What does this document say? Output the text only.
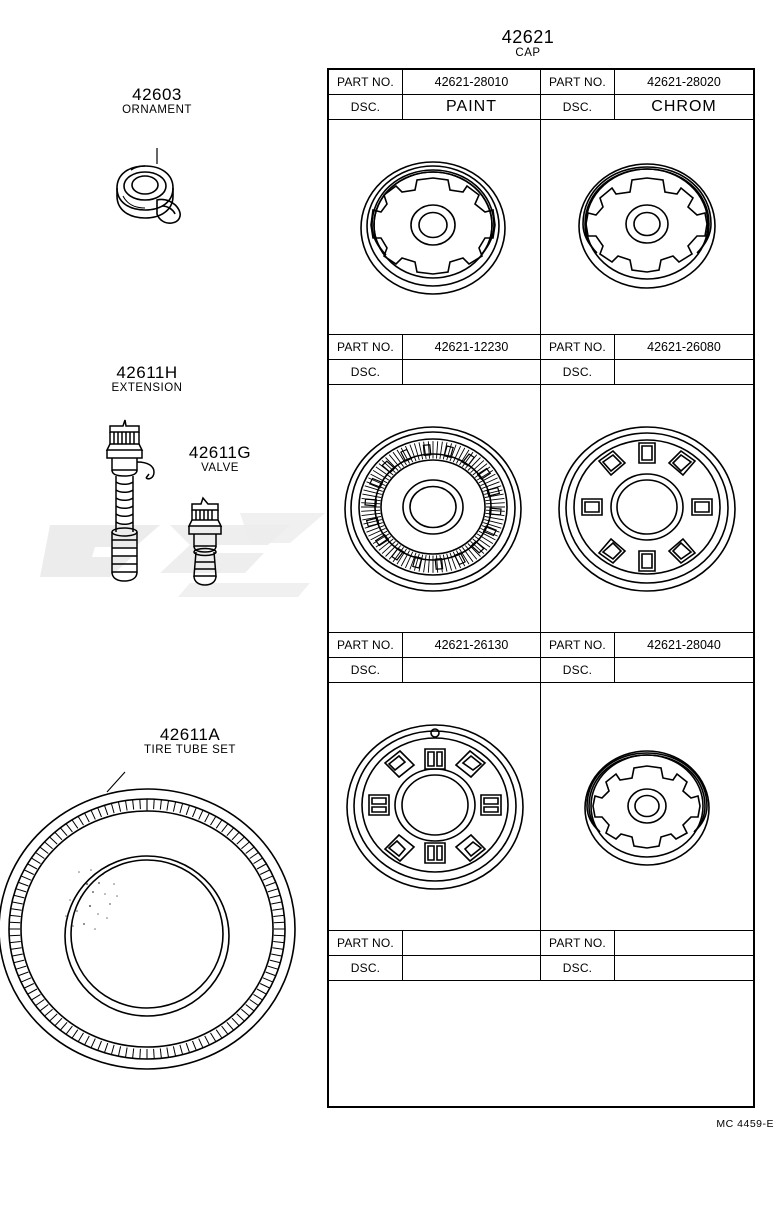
42603
ORNAMENT
42611H
EXTENSION
42611G
VALVE
42611A
TIRE TUBE SET
42621
CAP
PART NO.	42621-28010	PART NO.	42621-28020
DSC.	PAINT	DSC.	CHROM
PART NO.	42621-12230	PART NO.	42621-26080
DSC.	DSC.
PART NO.	42621-26130	PART NO.	42621-28040
DSC.	DSC.
PART NO.	PART NO.
DSC.	DSC.
MC 4459-E
